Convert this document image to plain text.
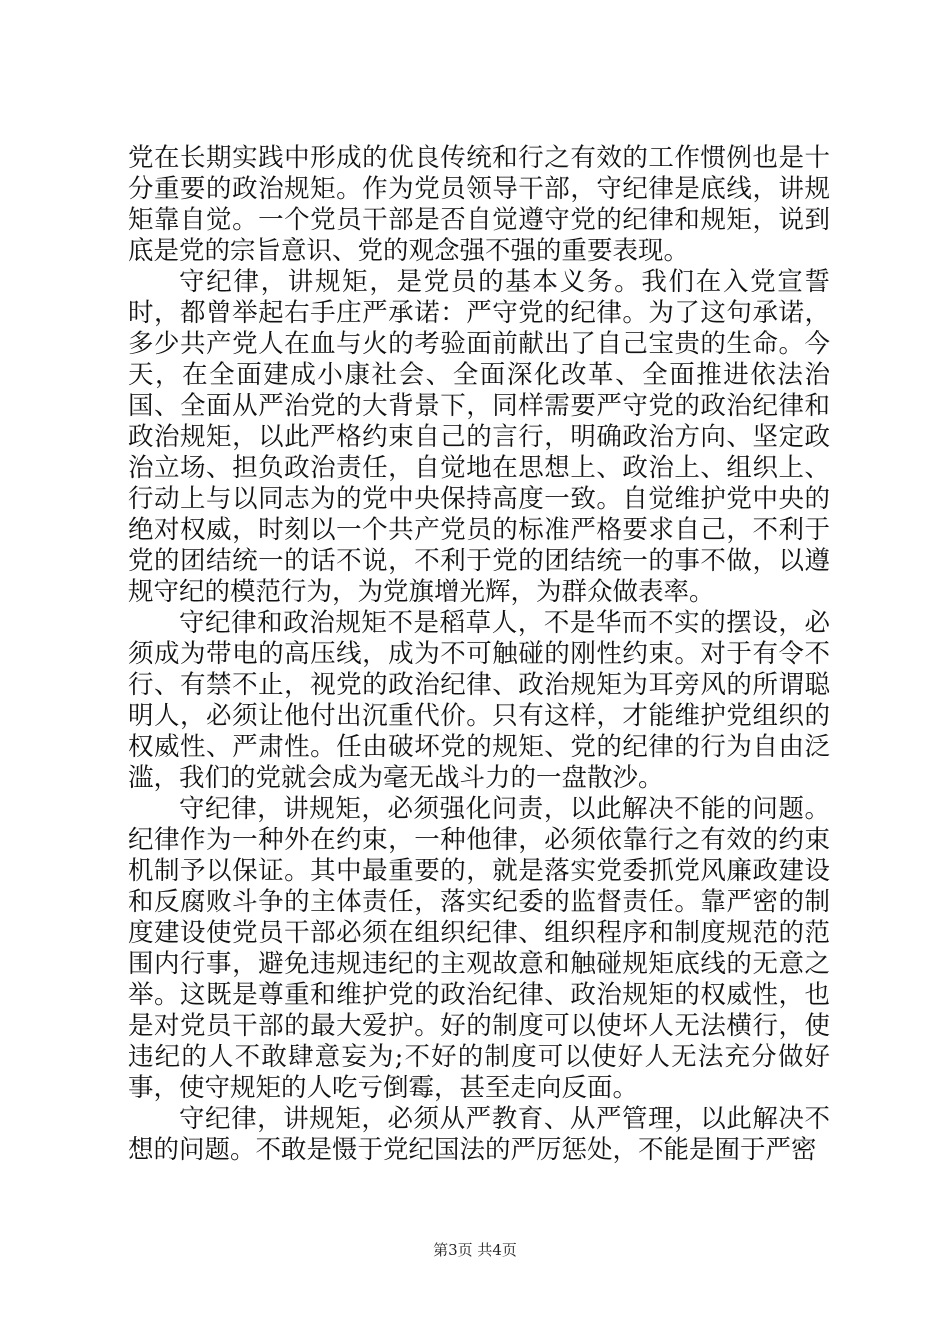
党在长期实践中形成的优良传统和行之有效的工作惯例也是十分重要的政治规矩。作为党员领导干部，守纪律是底线，讲规矩靠自觉。一个党员干部是否自觉遵守党的纪律和规矩，说到底是党的宗旨意识、党的观念强不强的重要表现。

守纪律，讲规矩，是党员的基本义务。我们在入党宣誓时，都曾举起右手庄严承诺：严守党的纪律。为了这句承诺，多少共产党人在血与火的考验面前献出了自己宝贵的生命。今天，在全面建成小康社会、全面深化改革、全面推进依法治国、全面从严治党的大背景下，同样需要严守党的政治纪律和政治规矩，以此严格约束自己的言行，明确政治方向、坚定政治立场、担负政治责任，自觉地在思想上、政治上、组织上、行动上与以同志为的党中央保持高度一致。自觉维护党中央的绝对权威，时刻以一个共产党员的标准严格要求自己，不利于党的团结统一的话不说，不利于党的团结统一的事不做，以遵规守纪的模范行为，为党旗增光辉，为群众做表率。

守纪律和政治规矩不是稻草人，不是华而不实的摆设，必须成为带电的高压线，成为不可触碰的刚性约束。对于有令不行、有禁不止，视党的政治纪律、政治规矩为耳旁风的所谓聪明人，必须让他付出沉重代价。只有这样，才能维护党组织的权威性、严肃性。任由破坏党的规矩、党的纪律的行为自由泛滥，我们的党就会成为毫无战斗力的一盘散沙。

守纪律，讲规矩，必须强化问责，以此解决不能的问题。纪律作为一种外在约束，一种他律，必须依靠行之有效的约束机制予以保证。其中最重要的，就是落实党委抓党风廉政建设和反腐败斗争的主体责任，落实纪委的监督责任。靠严密的制度建设使党员干部必须在组织纪律、组织程序和制度规范的范围内行事，避免违规违纪的主观故意和触碰规矩底线的无意之举。这既是尊重和维护党的政治纪律、政治规矩的权威性，也是对党员干部的最大爱护。好的制度可以使坏人无法横行，使违纪的人不敢肆意妄为;不好的制度可以使好人无法充分做好事，使守规矩的人吃亏倒霉，甚至走向反面。

守纪律，讲规矩，必须从严教育、从严管理，以此解决不想的问题。不敢是慑于党纪国法的严厉惩处，不能是囿于严密

第3页 共4页
